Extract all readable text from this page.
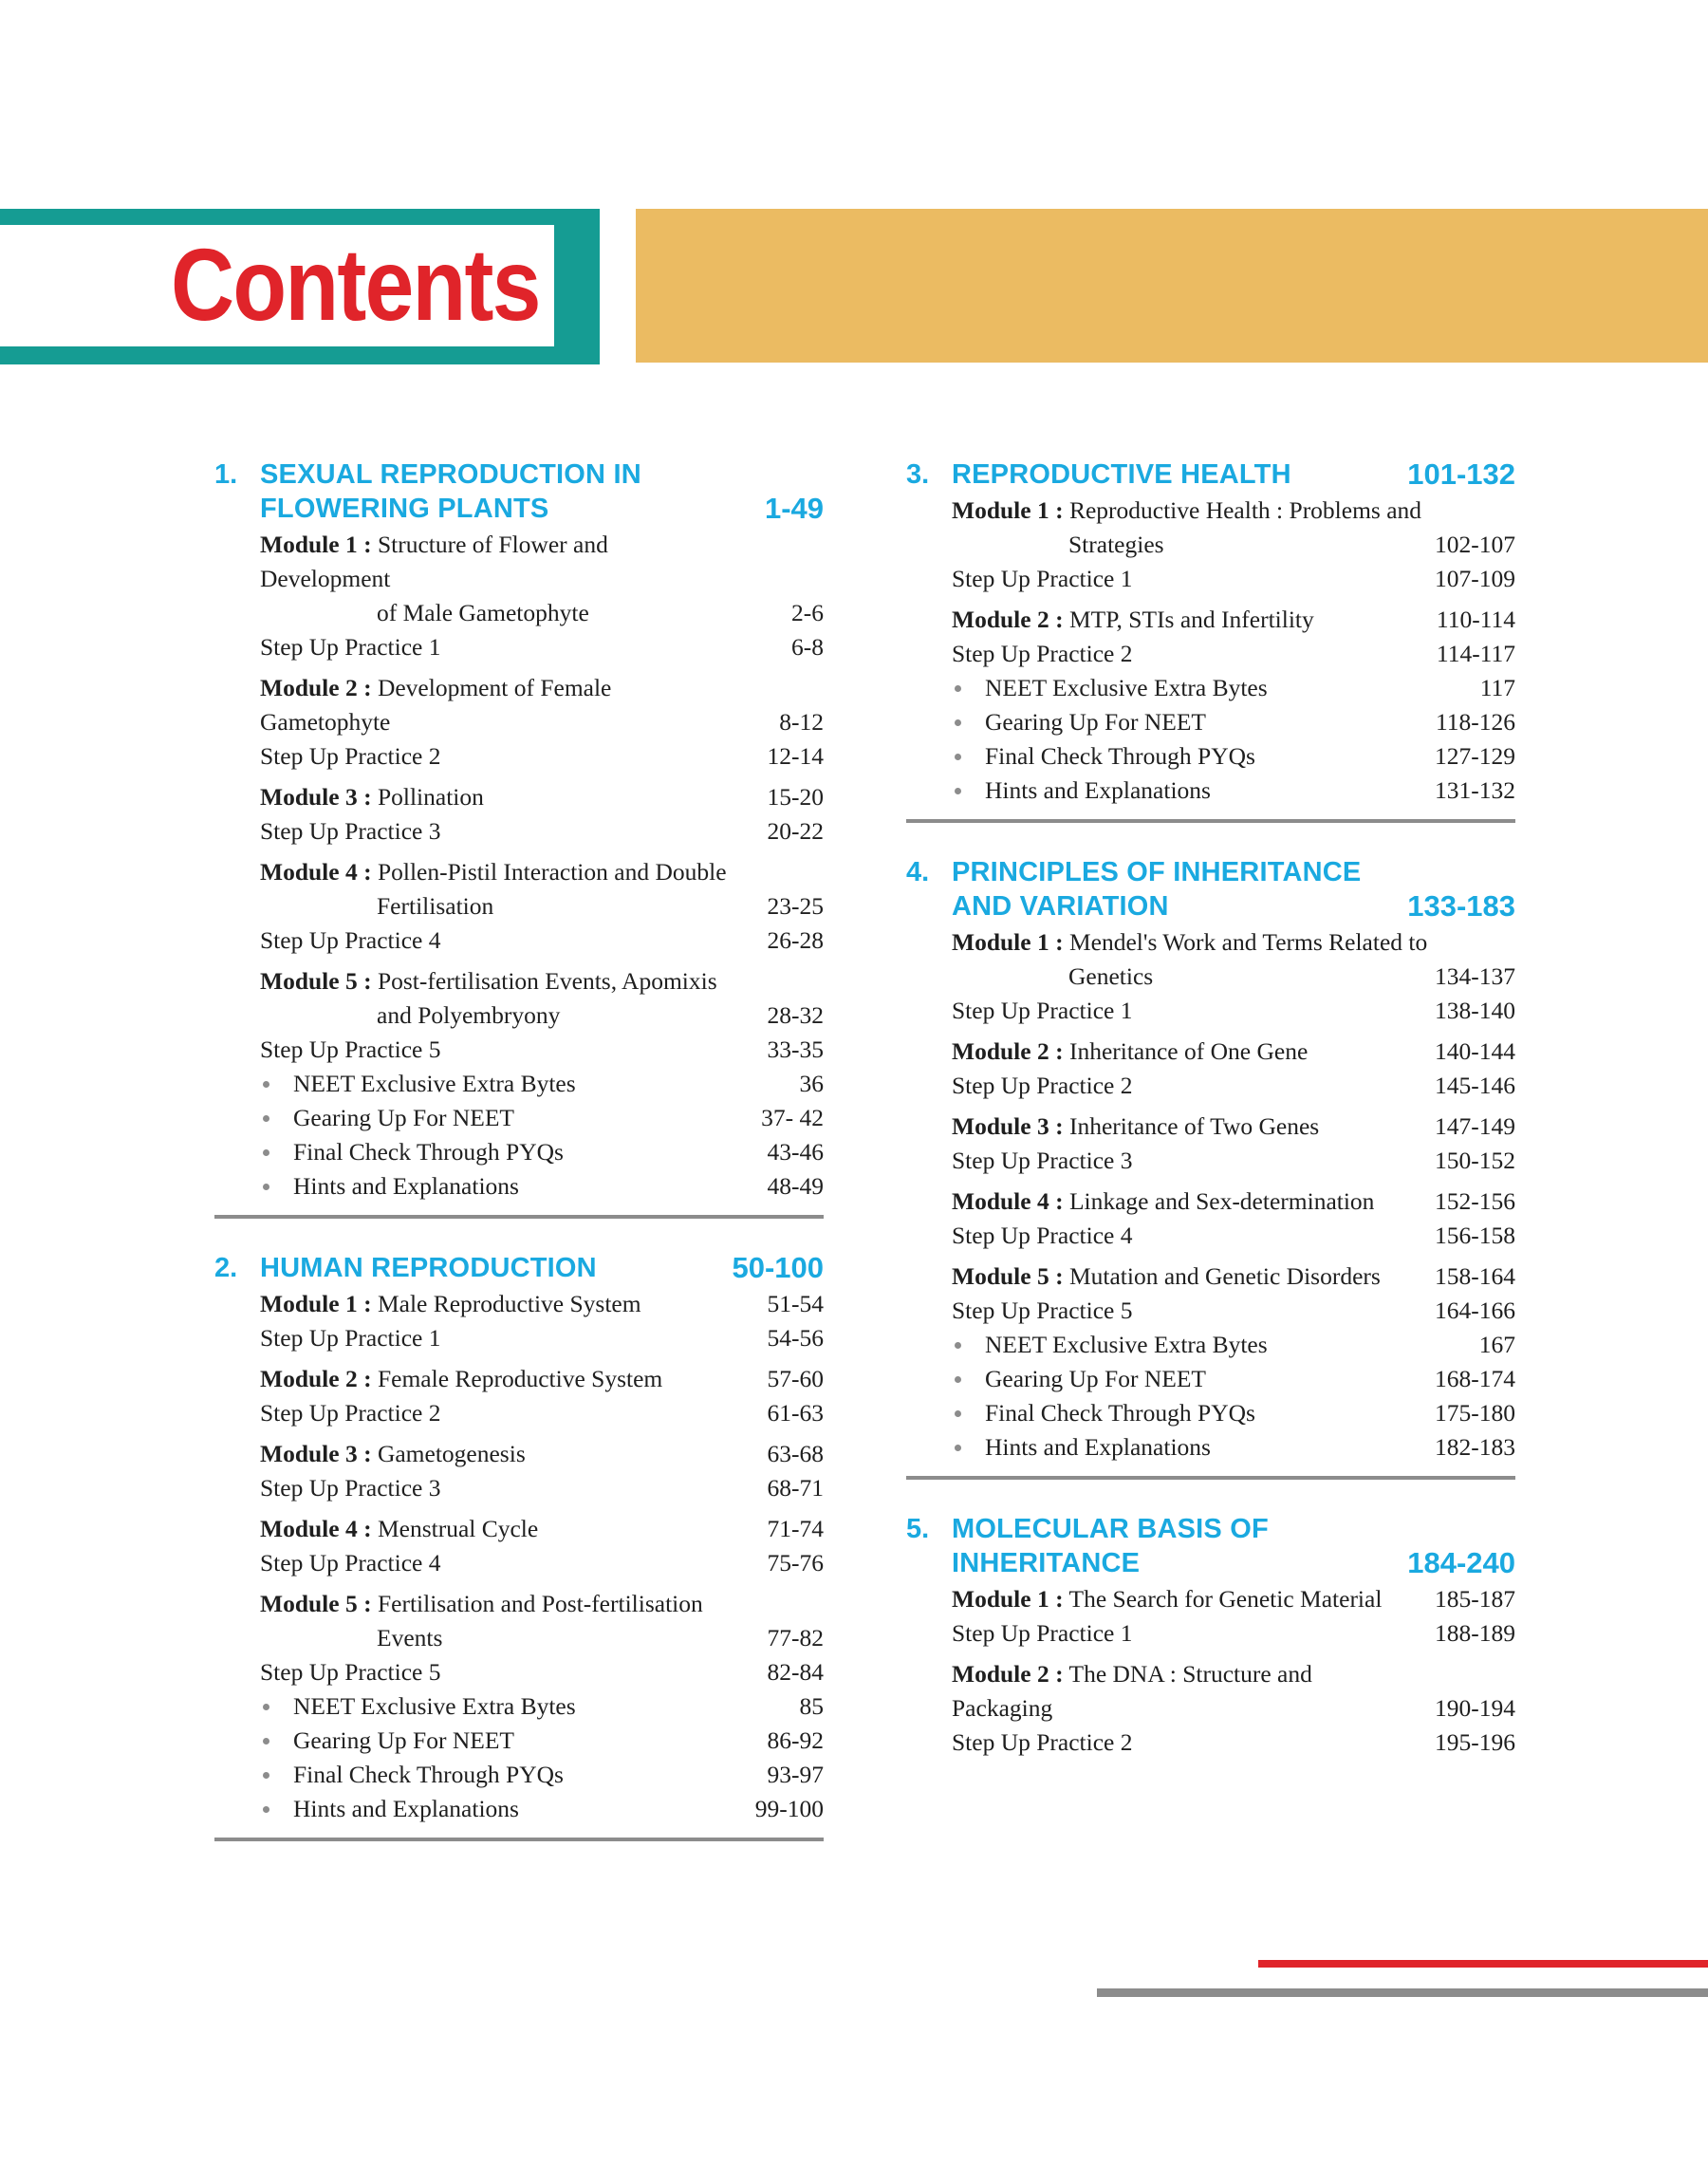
Contents
1. SEXUAL REPRODUCTION IN FLOWERING PLANTS	1-49
Module 1 : Structure of Flower and Development
of Male Gametophyte	2-6
Step Up Practice 1	6-8
Module 2 : Development of Female Gametophyte	8-12
Step Up Practice 2	12-14
Module 3 : Pollination	15-20
Step Up Practice 3	20-22
Module 4 : Pollen-Pistil Interaction and Double
Fertilisation	23-25
Step Up Practice 4	26-28
Module 5 : Post-fertilisation Events, Apomixis
and Polyembryony	28-32
Step Up Practice 5	33-35
NEET Exclusive Extra Bytes	36
Gearing Up For NEET	37- 42
Final Check Through PYQs	43-46
Hints and Explanations	48-49
2. HUMAN REPRODUCTION	50-100
Module 1 : Male Reproductive System	51-54
Step Up Practice 1	54-56
Module 2 : Female Reproductive System	57-60
Step Up Practice 2	61-63
Module 3 : Gametogenesis	63-68
Step Up Practice 3	68-71
Module 4 : Menstrual Cycle	71-74
Step Up Practice 4	75-76
Module 5 : Fertilisation and Post-fertilisation
Events	77-82
Step Up Practice 5	82-84
NEET Exclusive Extra Bytes	85
Gearing Up For NEET	86-92
Final Check Through PYQs	93-97
Hints and Explanations	99-100
3. REPRODUCTIVE HEALTH	101-132
Module 1 : Reproductive Health : Problems and
Strategies	102-107
Step Up Practice 1	107-109
Module 2 : MTP, STIs and Infertility	110-114
Step Up Practice 2	114-117
NEET Exclusive Extra Bytes	117
Gearing Up For NEET	118-126
Final Check Through PYQs	127-129
Hints and Explanations	131-132
4. PRINCIPLES OF INHERITANCE AND VARIATION	133-183
Module 1 : Mendel's Work and Terms Related to
Genetics	134-137
Step Up Practice 1	138-140
Module 2 : Inheritance of One Gene	140-144
Step Up Practice 2	145-146
Module 3 : Inheritance of Two Genes	147-149
Step Up Practice 3	150-152
Module 4 : Linkage and Sex-determination	152-156
Step Up Practice 4	156-158
Module 5 : Mutation and Genetic Disorders	158-164
Step Up Practice 5	164-166
NEET Exclusive Extra Bytes	167
Gearing Up For NEET	168-174
Final Check Through PYQs	175-180
Hints and Explanations	182-183
5. MOLECULAR BASIS OF INHERITANCE	184-240
Module 1 : The Search for Genetic Material	185-187
Step Up Practice 1	188-189
Module 2 : The DNA : Structure and
Packaging	190-194
Step Up Practice 2	195-196
